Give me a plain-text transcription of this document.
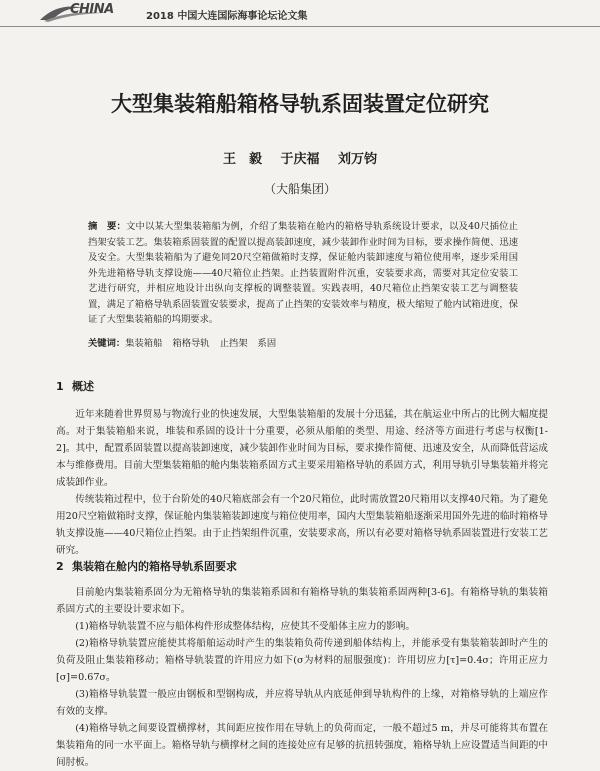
CHINA	2018 中国大连国际海事论坛论文集
大型集装箱船箱格导轨系固装置定位研究
王　毅 于庆福 刘万钧
（大船集团）
摘　要：文中以某大型集装箱船为例，介绍了集装箱在舱内的箱格导轨系统设计要求，以及40尺插位止挡架安装工艺。集装箱系固装置的配置以提高装卸速度，减少装卸作业时间为目标，要求操作简便、迅速及安全。大型集装箱船为了避免同20尺空箱做箱时支撑，保证舱内装卸速度与箱位使用率，逐步采用国外先进箱格导轨支撑设施——40尺箱位止挡架。止挡装置附件沉重，安装要求高，需要对其定位安装工艺进行研究，并相应地设计出纵向支撑板的调整装置。实践表明，40尺箱位止挡架安装工艺与调整装置，满足了箱格导轨系固装置安装要求，提高了止挡架的安装效率与精度，极大缩短了舱内试箱进度，保证了大型集装箱船的坞期要求。
关键词：集装箱船 箱格导轨 止挡架 系固
1 概述

近年来随着世界贸易与物流行业的快速发展，大型集装箱船的发展十分迅猛，其在航运业中所占的比例大幅度提高。对于集装箱船来说，堆装和系固的设计十分重要，必须从船舶的类型、用途、经济等方面进行考虑与权衡[1-2]。其中，配置系固装置以提高装卸速度，减少装卸作业时间为目标，要求操作简便、迅速及安全，从而降低营运成本与维修费用。目前大型集装箱船的舱内集装箱系固方式主要采用箱格导轨的系固方式，利用导轨引导集装箱并将完成装卸作业。

传统装箱过程中，位于台阶处的40尺箱底部会有一个20尺箱位，此时需放置20尺箱用以支撑40尺箱。为了避免用20尺空箱做箱时支撑，保证舱内集装箱装卸速度与箱位使用率，国内大型集装箱船逐渐采用国外先进的临时箱格导轨支撑设施——40尺箱位止挡架。由于止挡架组件沉重，安装要求高，所以有必要对箱格导轨系固装置进行安装工艺研究。

2 集装箱在舱内的箱格导轨系固要求

目前舱内集装箱系固分为无箱格导轨的集装箱系固和有箱格导轨的集装箱系固两种[3-6]。有箱格导轨的集装箱系固方式的主要设计要求如下。

(1)箱格导轨装置不应与船体构件形成整体结构，应使其不受船体主应力的影响。

(2)箱格导轨装置应能使其将船舶运动时产生的集装箱负荷传递到船体结构上，并能承受有集装箱装卸时产生的负荷及阻止集装箱移动；箱格导轨装置的许用应力如下(σ为材料的屈服强度)：许用切应力[τ]=0.4σ；许用正应力[σ]=0.67σ。

(3)箱格导轨装置一般应由钢板和型钢构成，并应将导轨从内底延伸到导轨构件的上缘，对箱格导轨的上端应作有效的支撑。

(4)箱格导轨之间要设置横撑材，其间距应按作用在导轨上的负荷而定，一般不超过5 m，并尽可能将其布置在集装箱角的同一水平面上。箱格导轨与横撑材之间的连接处应有足够的抗扭转强度，箱格导轨上应设置适当间距的中间肘板。
